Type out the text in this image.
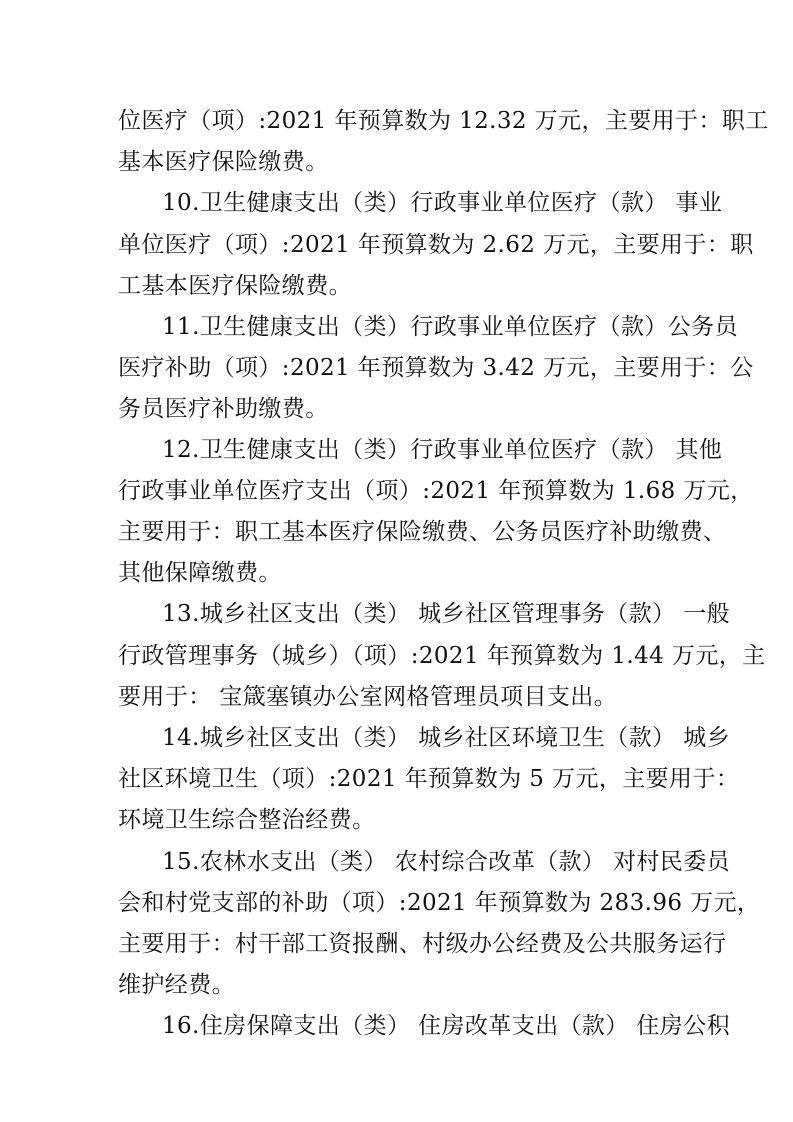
位医疗（项）:2021 年预算数为 12.32 万元，主要用于：职工
基本医疗保险缴费。
10.卫生健康支出（类）行政事业单位医疗（款） 事业
单位医疗（项）:2021 年预算数为 2.62 万元，主要用于：职
工基本医疗保险缴费。
11.卫生健康支出（类）行政事业单位医疗（款）公务员
医疗补助（项）:2021 年预算数为 3.42 万元，主要用于：公
务员医疗补助缴费。
12.卫生健康支出（类）行政事业单位医疗（款） 其他
行政事业单位医疗支出（项）:2021 年预算数为 1.68 万元，
主要用于：职工基本医疗保险缴费、公务员医疗补助缴费、
其他保障缴费。
13.城乡社区支出（类） 城乡社区管理事务（款） 一般
行政管理事务（城乡）（项）:2021 年预算数为 1.44 万元，主
要用于： 宝箴塞镇办公室网格管理员项目支出。
14.城乡社区支出（类） 城乡社区环境卫生（款） 城乡
社区环境卫生（项）:2021 年预算数为 5 万元，主要用于：
环境卫生综合整治经费。
15.农林水支出（类） 农村综合改革（款） 对村民委员
会和村党支部的补助（项）:2021 年预算数为 283.96 万元，
主要用于：村干部工资报酬、村级办公经费及公共服务运行
维护经费。
16.住房保障支出（类） 住房改革支出（款） 住房公积
